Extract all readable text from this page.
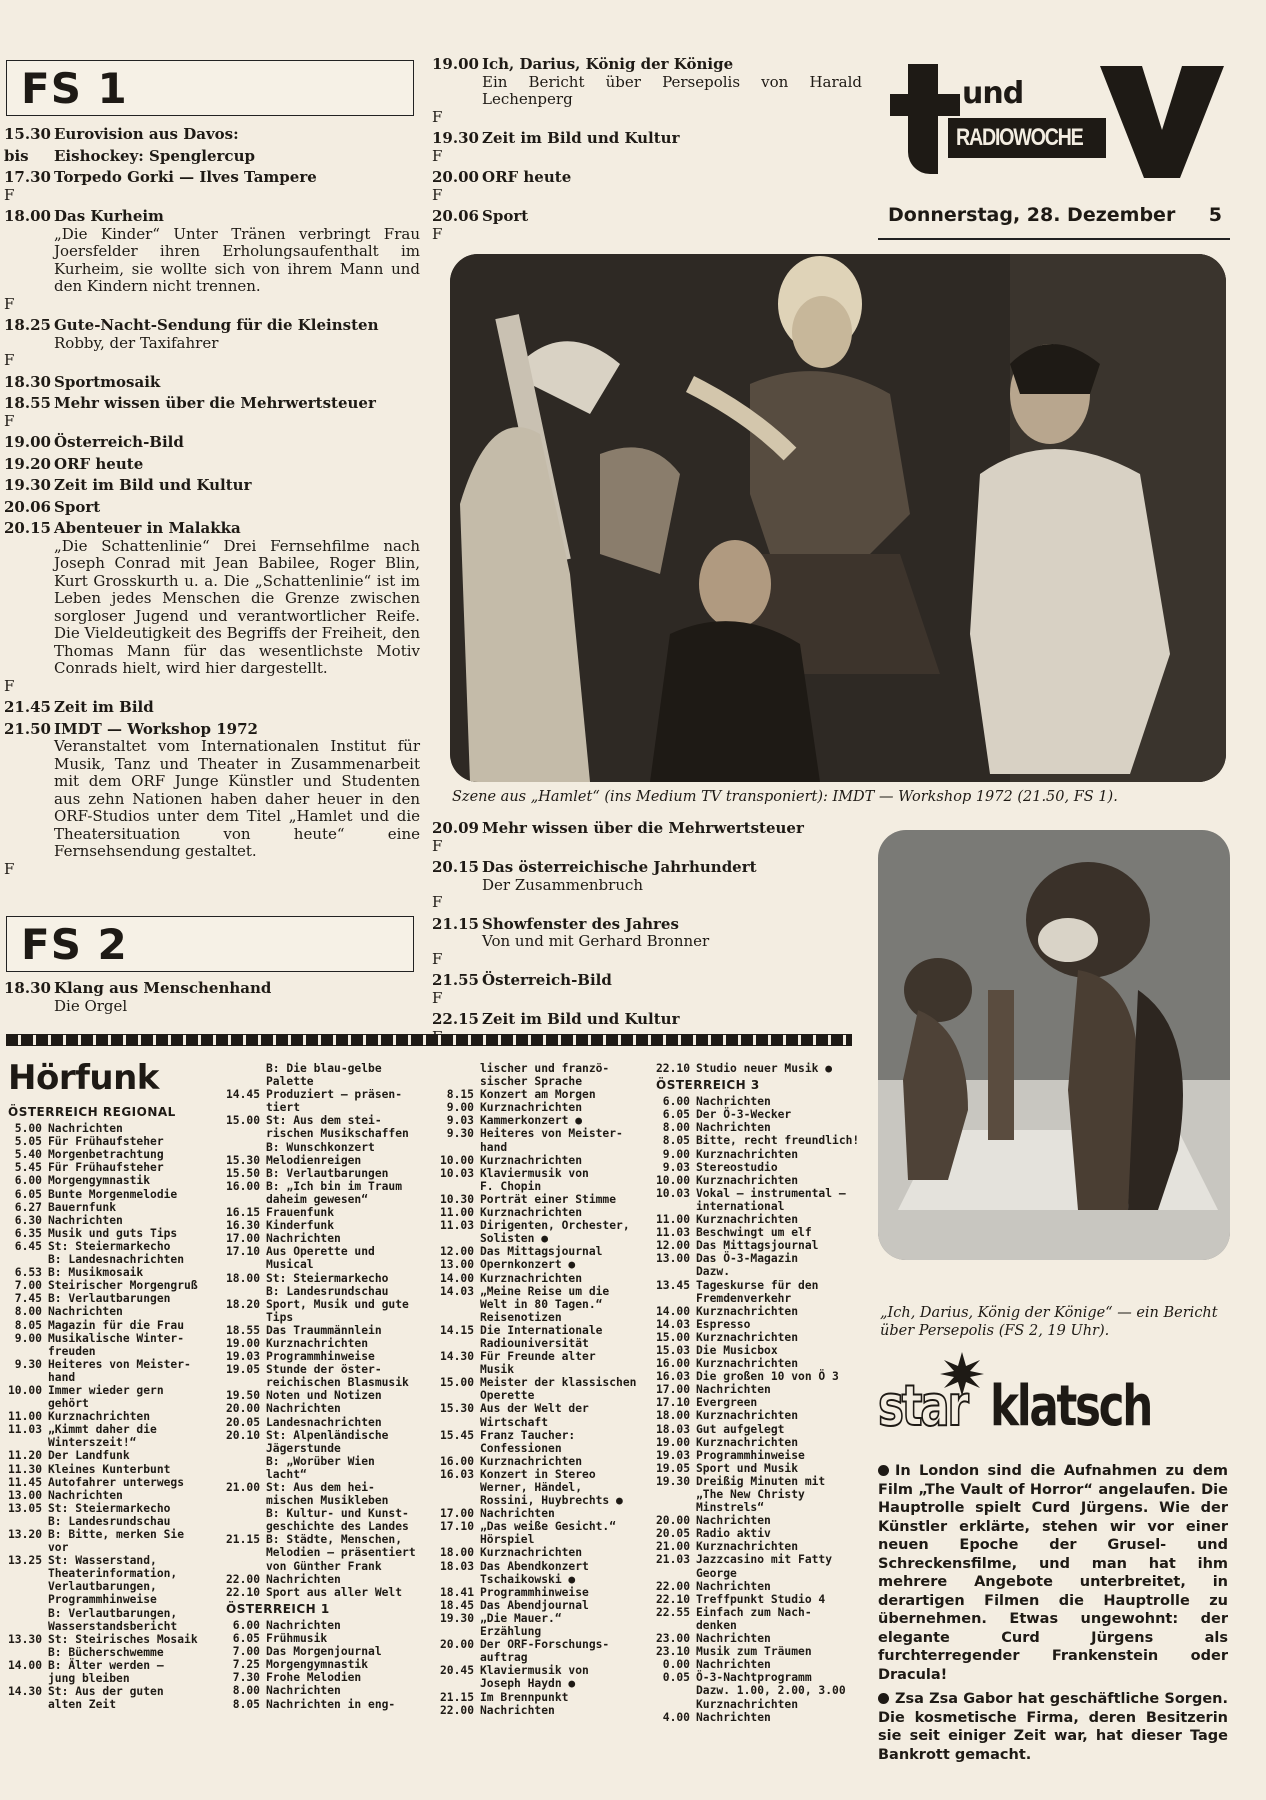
und
RADIOWOCHE
Donnerstag, 28. Dezember 5
FS 1
15.30 Eurovision aus Davos:
bis	Eishockey: Spenglercup
17.30 Torpedo Gorki — Ilves Tampere
F
18.00 Das Kurheim
„Die Kinder“ Unter Tränen verbringt Frau Joersfelder ihren Erholungsaufenthalt im Kurheim, sie wollte sich von ihrem Mann und den Kindern nicht trennen.
F
18.25 Gute-Nacht-Sendung für die Kleinsten
Robby, der Taxifahrer
F
18.30 Sportmosaik
18.55 Mehr wissen über die Mehrwertsteuer
F
19.00 Österreich-Bild
19.20 ORF heute
19.30 Zeit im Bild und Kultur
20.06 Sport
20.15 Abenteuer in Malakka
„Die Schattenlinie“ Drei Fernsehfilme nach Joseph Conrad mit Jean Babilee, Roger Blin, Kurt Grosskurth u. a. Die „Schattenlinie“ ist im Leben jedes Menschen die Grenze zwischen sorgloser Jugend und verantwortlicher Reife. Die Vieldeutigkeit des Begriffs der Freiheit, den Thomas Mann für das wesentlichste Motiv Conrads hielt, wird hier dargestellt.
F
21.45 Zeit im Bild
21.50 IMDT — Workshop 1972
Veranstaltet vom Internationalen Institut für Musik, Tanz und Theater in Zusammenarbeit mit dem ORF Junge Künstler und Studenten aus zehn Nationen haben daher heuer in den ORF-Studios unter dem Titel „Hamlet und die Theatersituation von heute“ eine Fernsehsendung gestaltet.
F
FS 2
18.30 Klang aus Menschenhand
Die Orgel
19.00 Ich, Darius, König der Könige
Ein Bericht über Persepolis von Harald Lechenperg
F
19.30 Zeit im Bild und Kultur
F
20.00 ORF heute
F
20.06 Sport
F
Szene aus „Hamlet“ (ins Medium TV transponiert): IMDT — Workshop 1972 (21.50, FS 1).
20.09 Mehr wissen über die Mehrwertsteuer
F
20.15 Das österreichische Jahrhundert
Der Zusammenbruch
F
21.15 Showfenster des Jahres
Von und mit Gerhard Bronner
F
21.55 Österreich-Bild
F
22.15 Zeit im Bild und Kultur
„Ich, Darius, König der Könige“ — ein Bericht über Persepolis (FS 2, 19 Uhr).
Hörfunk
ÖSTERREICH REGIONAL
5.00 Nachrichten
5.05 Für Frühaufsteher
5.40 Morgenbetrachtung
5.45 Für Frühaufsteher
6.00 Morgengymnastik
6.05 Bunte Morgenmelodie
6.27 Bauernfunk
6.30 Nachrichten
6.35 Musik und guts Tips
6.45 St: Steiermarkecho
B: Landesnachrichten
6.53 B: Musikmosaik
7.00 Steirischer Morgengruß
7.45 B: Verlautbarungen
8.00 Nachrichten
8.05 Magazin für die Frau
9.00 Musikalische Winter-
freuden
9.30 Heiteres von Meister-
hand
10.00 Immer wieder gern
gehört
11.00 Kurznachrichten
11.03 „Kimmt daher die
Winterszeit!“
11.20 Der Landfunk
11.30 Kleines Kunterbunt
11.45 Autofahrer unterwegs
13.00 Nachrichten
13.05 St: Steiermarkecho
B: Landesrundschau
13.20 B: Bitte, merken Sie
vor
13.25 St: Wasserstand,
Theaterinformation,
Verlautbarungen,
Programmhinweise
B: Verlautbarungen,
Wasserstandsbericht
13.30 St: Steirisches Mosaik
B: Bücherschwemme
14.00 B: Älter werden –
jung bleiben
14.30 St: Aus der guten
alten Zeit
B: Die blau-gelbe
Palette
14.45 Produziert – präsen-
tiert
15.00 St: Aus dem stei-
rischen Musikschaffen
B: Wunschkonzert
15.30 Melodienreigen
15.50 B: Verlautbarungen
16.00 B: „Ich bin im Traum
daheim gewesen“
16.15 Frauenfunk
16.30 Kinderfunk
17.00 Nachrichten
17.10 Aus Operette und
Musical
18.00 St: Steiermarkecho
B: Landesrundschau
18.20 Sport, Musik und gute
Tips
18.55 Das Traummännlein
19.00 Kurznachrichten
19.03 Programmhinweise
19.05 Stunde der öster-
reichischen Blasmusik
19.50 Noten und Notizen
20.00 Nachrichten
20.05 Landesnachrichten
20.10 St: Alpenländische
Jägerstunde
B: „Worüber Wien
lacht“
21.00 St: Aus dem hei-
mischen Musikleben
B: Kultur- und Kunst-
geschichte des Landes
21.15 B: Städte, Menschen,
Melodien – präsentiert
von Günther Frank
22.00 Nachrichten
22.10 Sport aus aller Welt
ÖSTERREICH 1
6.00 Nachrichten
6.05 Frühmusik
7.00 Das Morgenjournal
7.25 Morgengymnastik
7.30 Frohe Melodien
8.00 Nachrichten
8.05 Nachrichten in eng-
lischer und franzö-
sischer Sprache
8.15 Konzert am Morgen
9.00 Kurznachrichten
9.03 Kammerkonzert ●
9.30 Heiteres von Meister-
hand
10.00 Kurznachrichten
10.03 Klaviermusik von
F. Chopin
10.30 Porträt einer Stimme
11.00 Kurznachrichten
11.03 Dirigenten, Orchester,
Solisten ●
12.00 Das Mittagsjournal
13.00 Opernkonzert ●
14.00 Kurznachrichten
14.03 „Meine Reise um die
Welt in 80 Tagen.“
Reisenotizen
14.15 Die Internationale
Radiouniversität
14.30 Für Freunde alter
Musik
15.00 Meister der klassischen
Operette
15.30 Aus der Welt der
Wirtschaft
15.45 Franz Taucher:
Confessionen
16.00 Kurznachrichten
16.03 Konzert in Stereo
Werner, Händel,
Rossini, Huybrechts ●
17.00 Nachrichten
17.10 „Das weiße Gesicht.“
Hörspiel
18.00 Kurznachrichten
18.03 Das Abendkonzert
Tschaikowski ●
18.41 Programmhinweise
18.45 Das Abendjournal
19.30 „Die Mauer.“
Erzählung
20.00 Der ORF-Forschungs-
auftrag
20.45 Klaviermusik von
Joseph Haydn ●
21.15 Im Brennpunkt
22.00 Nachrichten
22.10 Studio neuer Musik ●
ÖSTERREICH 3
6.00 Nachrichten
6.05 Der Ö-3-Wecker
8.00 Nachrichten
8.05 Bitte, recht freundlich!
9.00 Kurznachrichten
9.03 Stereostudio
10.00 Kurznachrichten
10.03 Vokal – instrumental –
international
11.00 Kurznachrichten
11.03 Beschwingt um elf
12.00 Das Mittagsjournal
13.00 Das Ö-3-Magazin
Dazw.
13.45 Tageskurse für den
Fremdenverkehr
14.00 Kurznachrichten
14.03 Espresso
15.00 Kurznachrichten
15.03 Die Musicbox
16.00 Kurznachrichten
16.03 Die großen 10 von Ö 3
17.00 Nachrichten
17.10 Evergreen
18.00 Kurznachrichten
18.03 Gut aufgelegt
19.00 Kurznachrichten
19.03 Programmhinweise
19.05 Sport und Musik
19.30 Dreißig Minuten mit
„The New Christy
Minstrels“
20.00 Nachrichten
20.05 Radio aktiv
21.00 Kurznachrichten
21.03 Jazzcasino mit Fatty
George
22.00 Nachrichten
22.10 Treffpunkt Studio 4
22.55 Einfach zum Nach-
denken
23.00 Nachrichten
23.10 Musik zum Träumen
0.00 Nachrichten
0.05 Ö-3-Nachtprogramm
Dazw. 1.00, 2.00, 3.00
Kurznachrichten
4.00 Nachrichten
star klatsch

In London sind die Aufnahmen zu dem Film „The Vault of Horror“ angelaufen. Die Hauptrolle spielt Curd Jürgens. Wie der Künstler erklärte, stehen wir vor einer neuen Epoche der Grusel- und Schreckensfilme, und man hat ihm mehrere Angebote unterbreitet, in derartigen Filmen die Hauptrolle zu übernehmen. Etwas ungewohnt: der elegante Curd Jürgens als furchterregender Frankenstein oder Dracula!

Zsa Zsa Gabor hat geschäftliche Sorgen. Die kosmetische Firma, deren Besitzerin sie seit einiger Zeit war, hat dieser Tage Bankrott gemacht.
